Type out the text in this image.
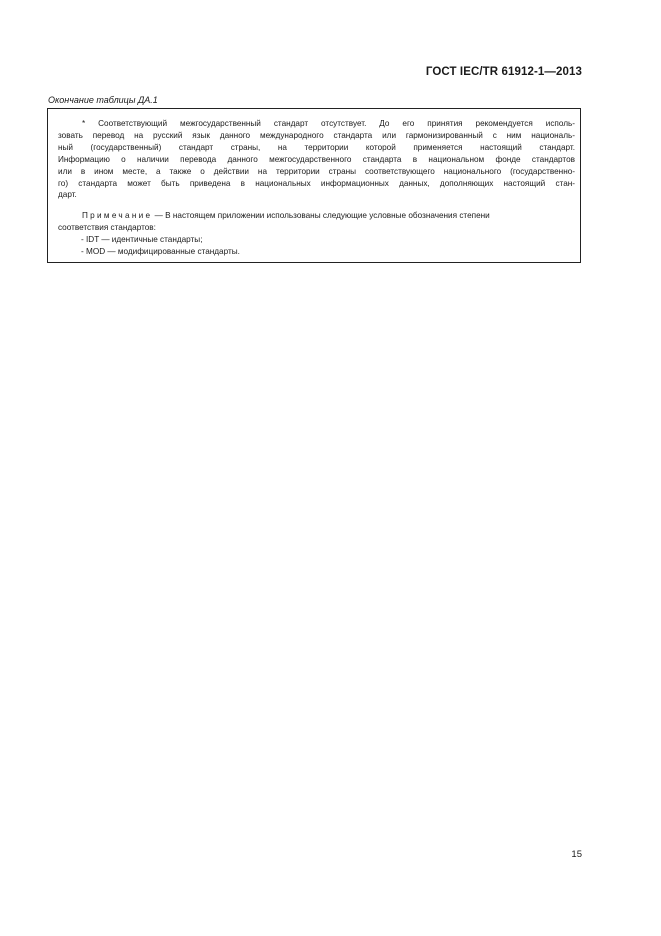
ГОСТ IEC/TR 61912-1—2013
Окончание таблицы ДА.1
* Соответствующий межгосударственный стандарт отсутствует. До его принятия рекомендуется исполь-
зовать перевод на русский язык данного международного стандарта или гармонизированный с ним националь-
ный (государственный) стандарт страны, на территории которой применяется настоящий стандарт.
Информацию о наличии перевода данного межгосударственного стандарта в национальном фонде стандартов
или в ином месте, а также о действии на территории страны соответствующего национального (государственно-
го) стандарта может быть приведена в национальных информационных данных, дополняющих настоящий стан-
дарт.
Примечание — В настоящем приложении использованы следующие условные обозначения степени
соответствия стандартов:
- IDT — идентичные стандарты;
- MOD — модифицированные стандарты.
15
